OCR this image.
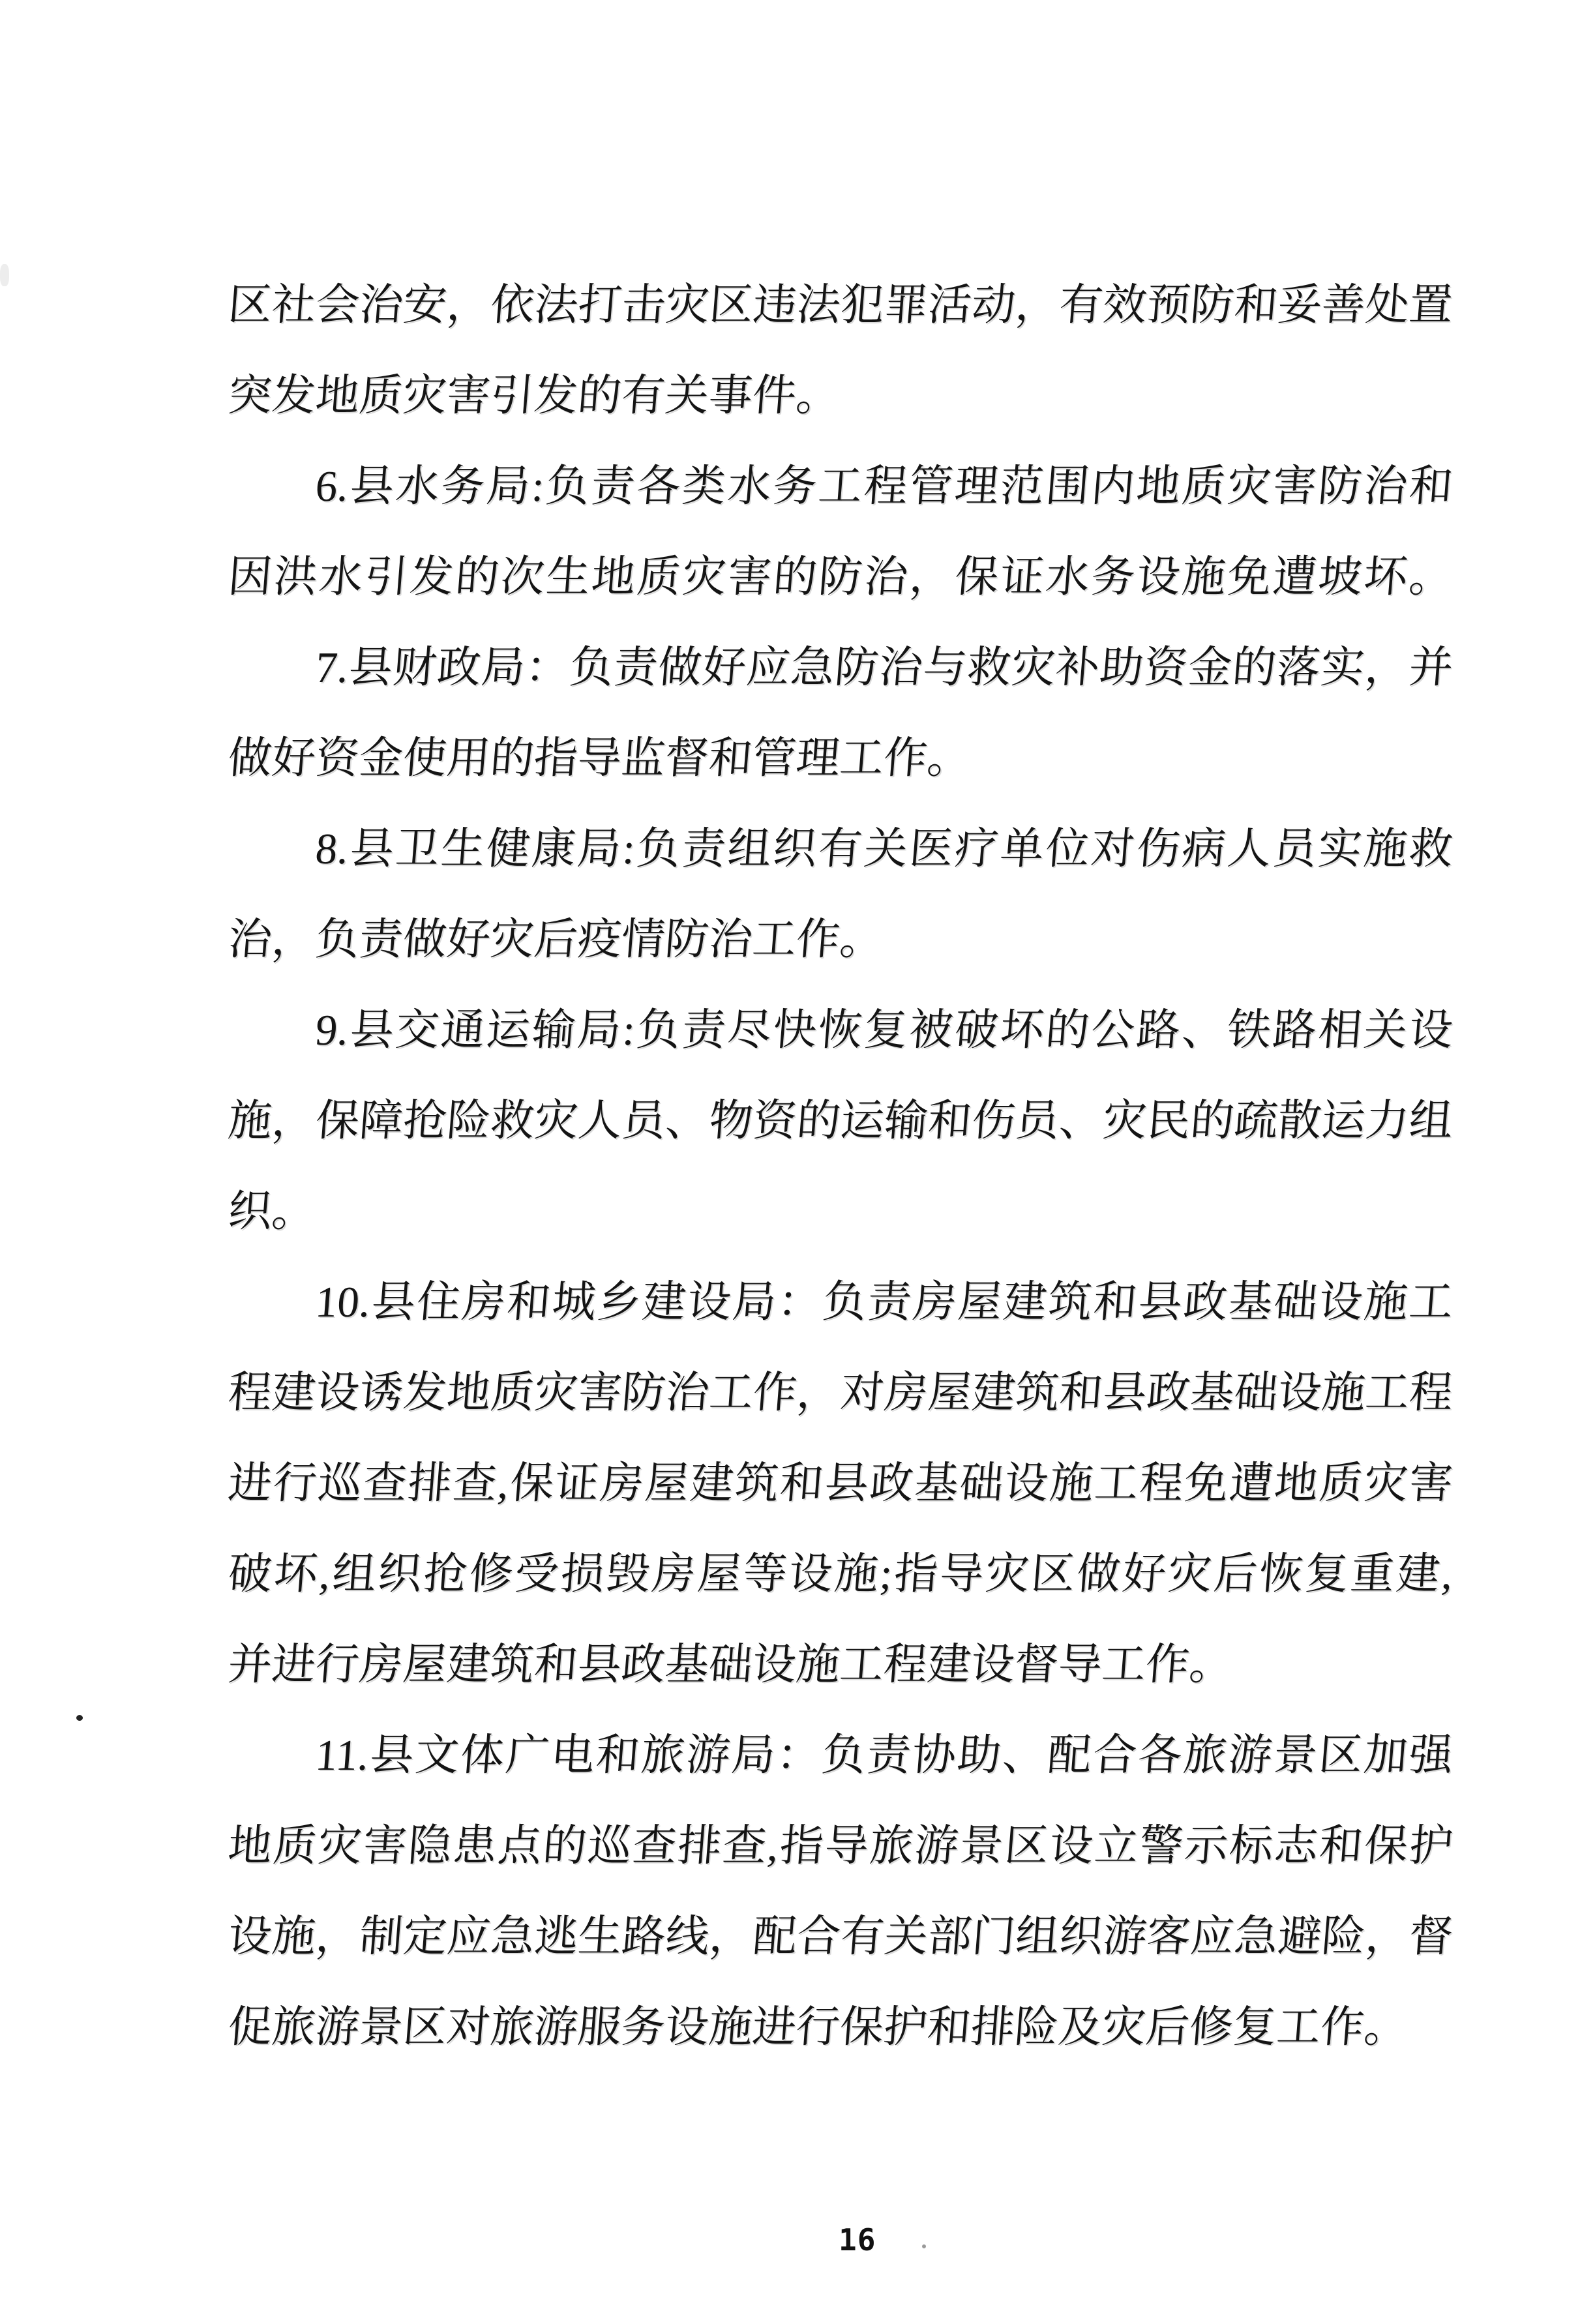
区社会治安，依法打击灾区违法犯罪活动，有效预防和妥善处置
突发地质灾害引发的有关事件。
6.县水务局:负责各类水务工程管理范围内地质灾害防治和
因洪水引发的次生地质灾害的防治，保证水务设施免遭坡坏。
7.县财政局：负责做好应急防治与救灾补助资金的落实，并
做好资金使用的指导监督和管理工作。
8.县卫生健康局:负责组织有关医疗单位对伤病人员实施救
治，负责做好灾后疫情防治工作。
9.县交通运输局:负责尽快恢复被破坏的公路、铁路相关设
施，保障抢险救灾人员、物资的运输和伤员、灾民的疏散运力组
织。
10.县住房和城乡建设局：负责房屋建筑和县政基础设施工
程建设诱发地质灾害防治工作，对房屋建筑和县政基础设施工程
进行巡查排查,保证房屋建筑和县政基础设施工程免遭地质灾害
破坏,组织抢修受损毁房屋等设施;指导灾区做好灾后恢复重建,
并进行房屋建筑和县政基础设施工程建设督导工作。
11.县文体广电和旅游局：负责协助、配合各旅游景区加强
地质灾害隐患点的巡查排查,指导旅游景区设立警示标志和保护
设施，制定应急逃生路线，配合有关部门组织游客应急避险，督
促旅游景区对旅游服务设施进行保护和排险及灾后修复工作。
16
